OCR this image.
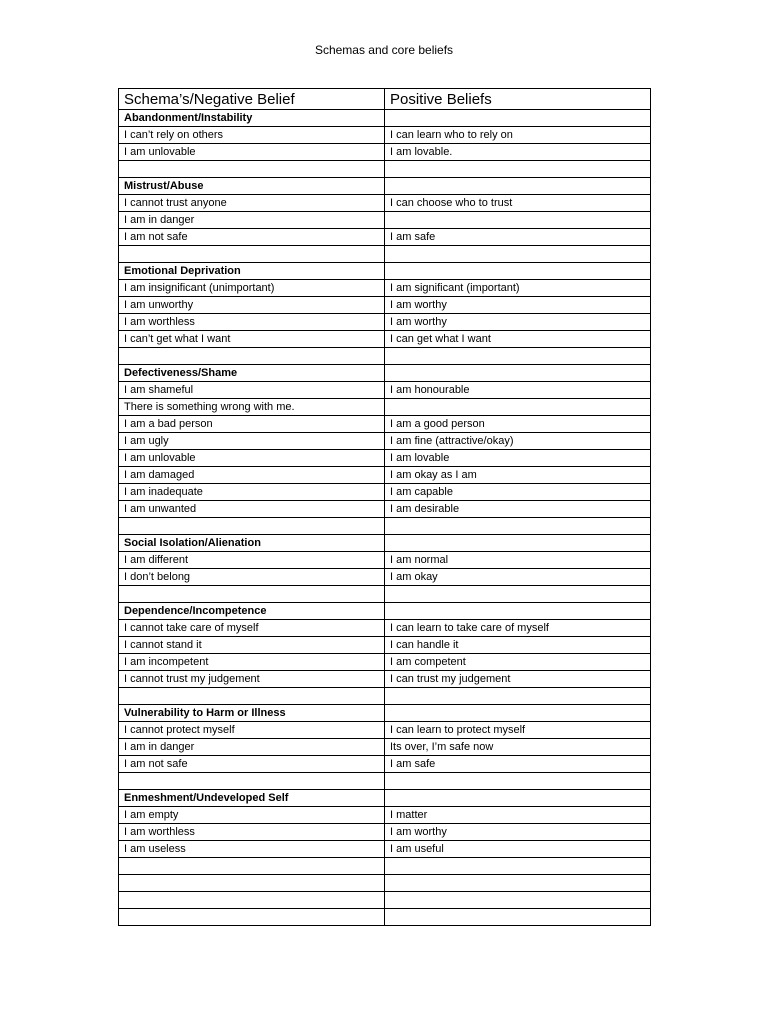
Schemas and core beliefs
Schema’s/Negative Belief	Positive Beliefs
Abandonment/Instability	
I can’t rely on others	I can learn who to rely on
I am unlovable	I am lovable.

Mistrust/Abuse	
I cannot trust anyone	I can choose who to trust
I am in danger	
I am not safe	I am safe

Emotional Deprivation	
I am insignificant (unimportant)	I am significant (important)
I am unworthy	I am worthy
I am worthless	I am worthy
I can’t get what I want	I can get what I want

Defectiveness/Shame	
I am shameful	I am honourable
There is something wrong with me.	
I am a bad person	I am a good person
I am ugly	I am fine (attractive/okay)
I am unlovable	I am lovable
I am damaged	I am okay as I am
I am inadequate	I am capable
I am unwanted	I am desirable

Social Isolation/Alienation	
I am different	I am normal
I don’t belong	I am okay

Dependence/Incompetence	
I cannot take care of myself	I can learn to take care of myself
I cannot stand it	I can handle it
I am incompetent	I am competent
I cannot trust my judgement	I can trust my judgement

Vulnerability to Harm or Illness	
I cannot protect myself	I can learn to protect myself
I am in danger	Its over, I’m safe now
I am not safe	I am safe

Enmeshment/Undeveloped Self	
I am empty	I matter
I am worthless	I am worthy
I am useless	I am useful
